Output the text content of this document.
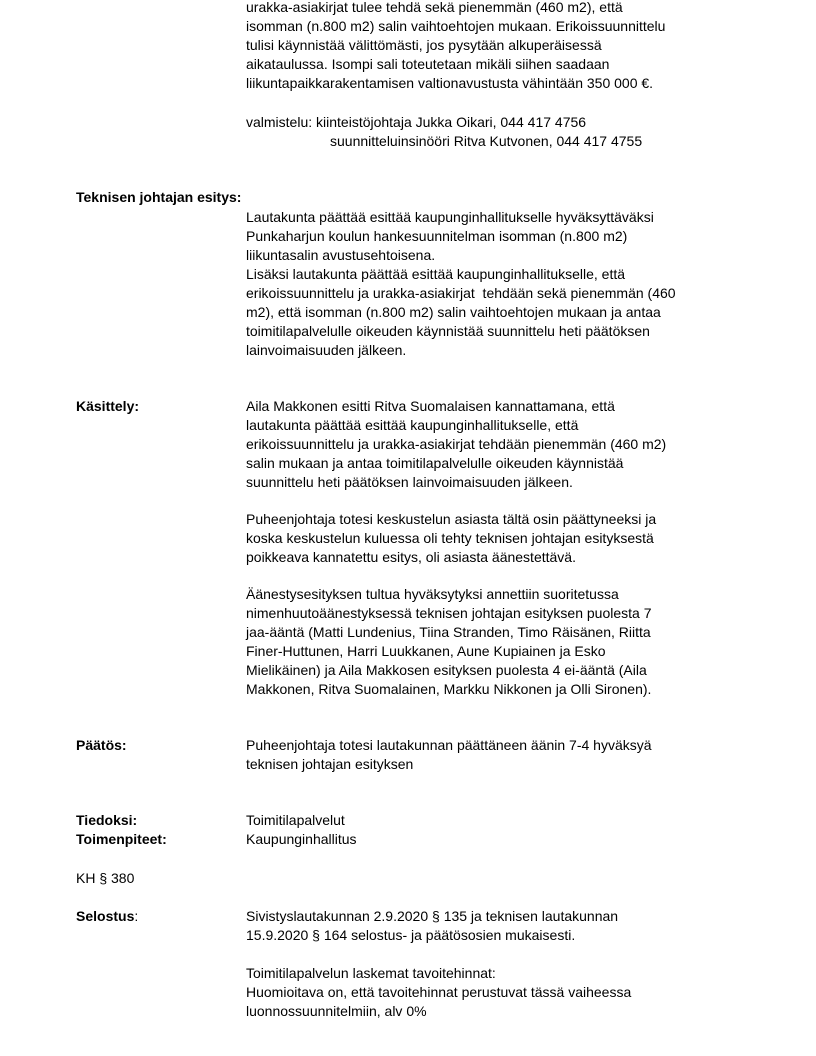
urakka-asiakirjat tulee tehdä sekä pienemmän (460 m2), että

isomman (n.800 m2) salin vaihtoehtojen mukaan. Erikoissuunnittelu

tulisi käynnistää välittömästi, jos pysytään alkuperäisessä

aikataulussa. Isompi sali toteutetaan mikäli siihen saadaan

liikuntapaikkarakentamisen valtionavustusta vähintään 350 000 €.

valmistelu: kiinteistöjohtaja Jukka Oikari, 044 417 4756

suunnitteluinsinööri Ritva Kutvonen, 044 417 4755

Teknisen johtajan esitys:

Lautakunta päättää esittää kaupunginhallitukselle hyväksyttäväksi

Punkaharjun koulun hankesuunnitelman isomman (n.800 m2)

liikuntasalin avustusehtoisena.

Lisäksi lautakunta päättää esittää kaupunginhallitukselle, että

erikoissuunnittelu ja urakka-asiakirjat  tehdään sekä pienemmän (460

m2), että isomman (n.800 m2) salin vaihtoehtojen mukaan ja antaa

toimitilapalvelulle oikeuden käynnistää suunnittelu heti päätöksen

lainvoimaisuuden jälkeen.

Käsittely:	Aila Makkonen esitti Ritva Suomalaisen kannattamana, että

lautakunta päättää esittää kaupunginhallitukselle, että

erikoissuunnittelu ja urakka-asiakirjat tehdään pienemmän (460 m2)

salin mukaan ja antaa toimitilapalvelulle oikeuden käynnistää

suunnittelu heti päätöksen lainvoimaisuuden jälkeen.

Puheenjohtaja totesi keskustelun asiasta tältä osin päättyneeksi ja

koska keskustelun kuluessa oli tehty teknisen johtajan esityksestä

poikkeava kannatettu esitys, oli asiasta äänestettävä.

Äänestysesityksen tultua hyväksytyksi annettiin suoritetussa

nimenhuutoäänestyksessä teknisen johtajan esityksen puolesta 7

jaa-ääntä (Matti Lundenius, Tiina Stranden, Timo Räisänen, Riitta

Finer-Huttunen, Harri Luukkanen, Aune Kupiainen ja Esko

Mielikäinen) ja Aila Makkosen esityksen puolesta 4 ei-ääntä (Aila

Makkonen, Ritva Suomalainen, Markku Nikkonen ja Olli Sironen).

Päätös:	Puheenjohtaja totesi lautakunnan päättäneen äänin 7-4 hyväksyä

teknisen johtajan esityksen

Tiedoksi:	Toimitilapalvelut

Toimenpiteet:	Kaupunginhallitus

KH § 380

Selostus:	Sivistyslautakunnan 2.9.2020 § 135 ja teknisen lautakunnan

15.9.2020 § 164 selostus- ja päätösosien mukaisesti.

Toimitilapalvelun laskemat tavoitehinnat:

Huomioitava on, että tavoitehinnat perustuvat tässä vaiheessa

luonnossuunnitelmiin, alv 0%
